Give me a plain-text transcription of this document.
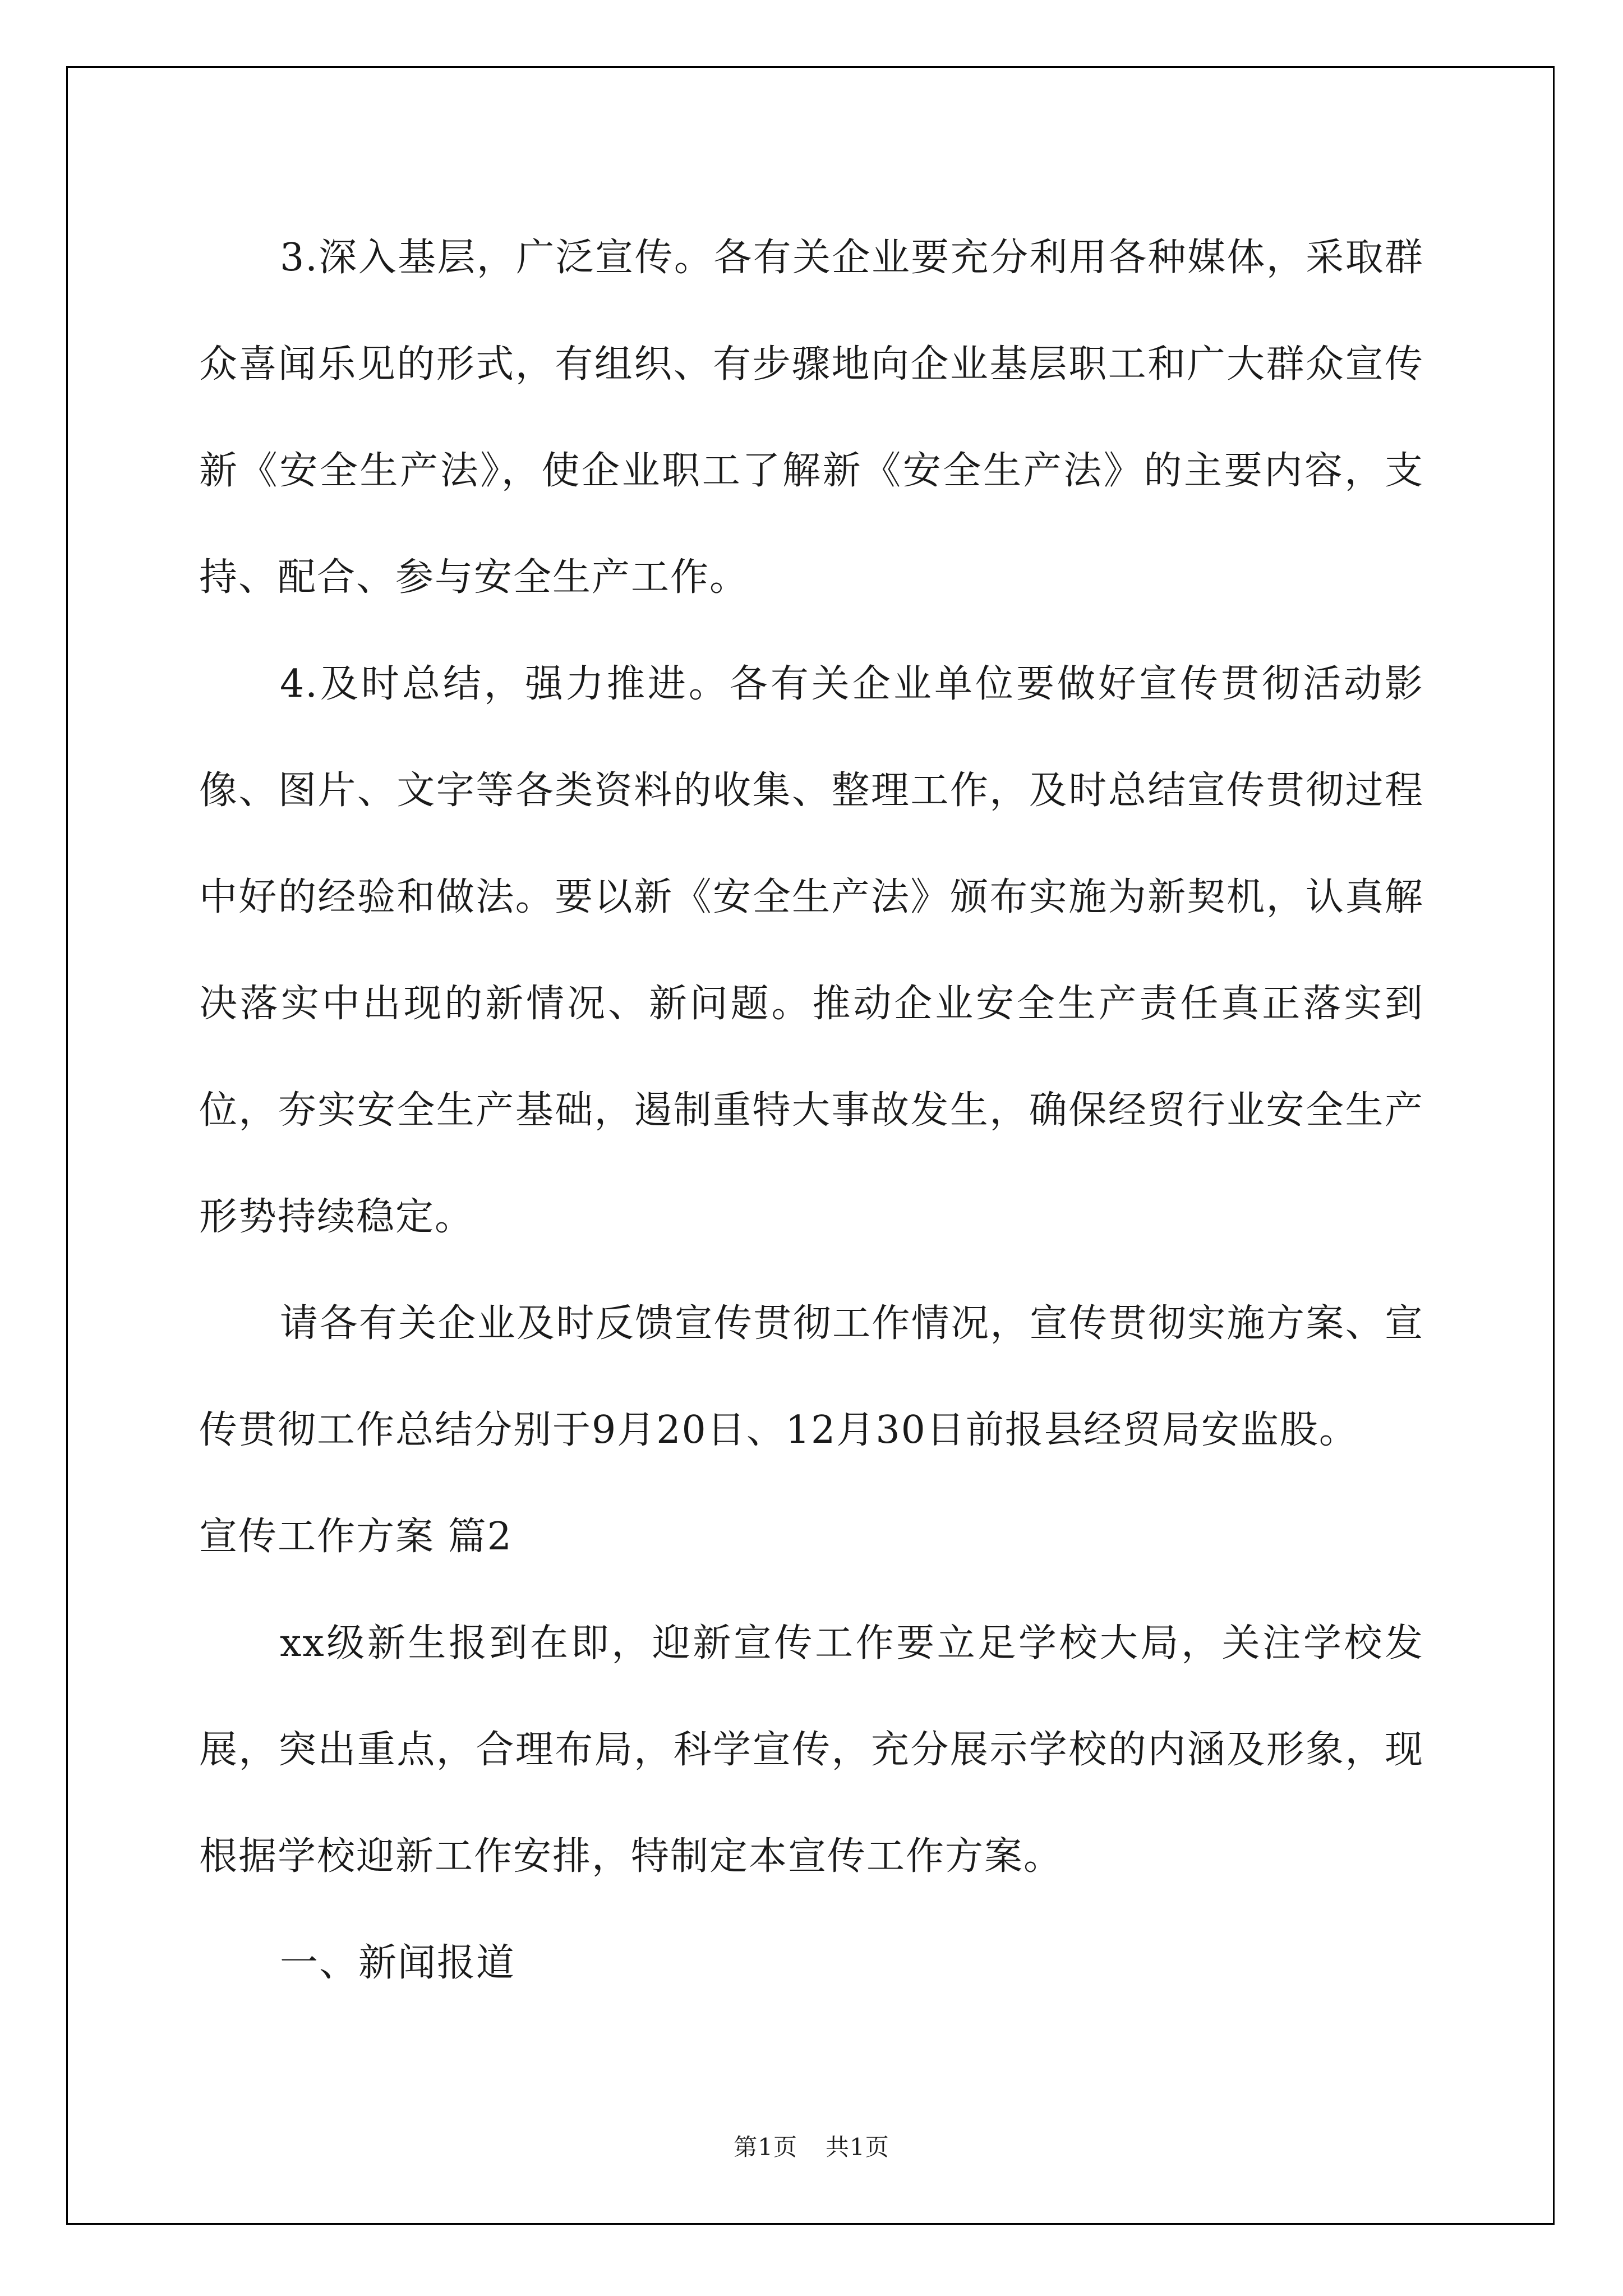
3.深入基层，广泛宣传。各有关企业要充分利用各种媒体，采取群众喜闻乐见的形式，有组织、有步骤地向企业基层职工和广大群众宣传新《安全生产法》，使企业职工了解新《安全生产法》的主要内容，支持、配合、参与安全生产工作。

4.及时总结，强力推进。各有关企业单位要做好宣传贯彻活动影像、图片、文字等各类资料的收集、整理工作，及时总结宣传贯彻过程中好的经验和做法。要以新《安全生产法》颁布实施为新契机，认真解决落实中出现的新情况、新问题。推动企业安全生产责任真正落实到位，夯实安全生产基础，遏制重特大事故发生，确保经贸行业安全生产形势持续稳定。

请各有关企业及时反馈宣传贯彻工作情况，宣传贯彻实施方案、宣传贯彻工作总结分别于9月20日、12月30日前报县经贸局安监股。

宣传工作方案 篇2

xx级新生报到在即，迎新宣传工作要立足学校大局，关注学校发展，突出重点，合理布局，科学宣传，充分展示学校的内涵及形象，现根据学校迎新工作安排，特制定本宣传工作方案。

一、新闻报道

第1页 共1页
